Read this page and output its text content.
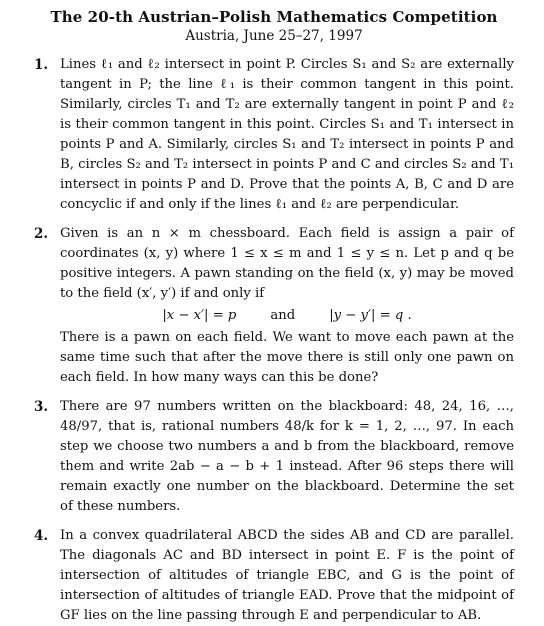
The 20-th Austrian–Polish Mathematics Competition
Austria, June 25–27, 1997
1. Lines ℓ₁ and ℓ₂ intersect in point P. Circles S₁ and S₂ are externally tangent in P; the line ℓ₁ is their common tangent in this point. Similarly, circles T₁ and T₂ are externally tangent in point P and ℓ₂ is their common tangent in this point. Circles S₁ and T₁ intersect in points P and A. Similarly, circles S₁ and T₂ intersect in points P and B, circles S₂ and T₂ intersect in points P and C and circles S₂ and T₁ intersect in points P and D. Prove that the points A, B, C and D are concyclic if and only if the lines ℓ₁ and ℓ₂ are perpendicular.

2. Given is an n × m chessboard. Each field is assign a pair of coordinates (x, y) where 1 ≤ x ≤ m and 1 ≤ y ≤ n. Let p and q be positive integers. A pawn standing on the field (x, y) may be moved to the field (x′, y′) if and only if

|x − x′| = p	and	|y − y′| = q .

There is a pawn on each field. We want to move each pawn at the same time such that after the move there is still only one pawn on each field. In how many ways can this be done?

3. There are 97 numbers written on the blackboard: 48, 24, 16, …, 48/97, that is, rational numbers 48/k for k = 1, 2, …, 97. In each step we choose two numbers a and b from the blackboard, remove them and write 2ab − a − b + 1 instead. After 96 steps there will remain exactly one number on the blackboard. Determine the set of these numbers.

4. In a convex quadrilateral ABCD the sides AB and CD are parallel. The diagonals AC and BD intersect in point E. F is the point of intersection of altitudes of triangle EBC, and G is the point of intersection of altitudes of triangle EAD. Prove that the midpoint of GF lies on the line passing through E and perpendicular to AB.
